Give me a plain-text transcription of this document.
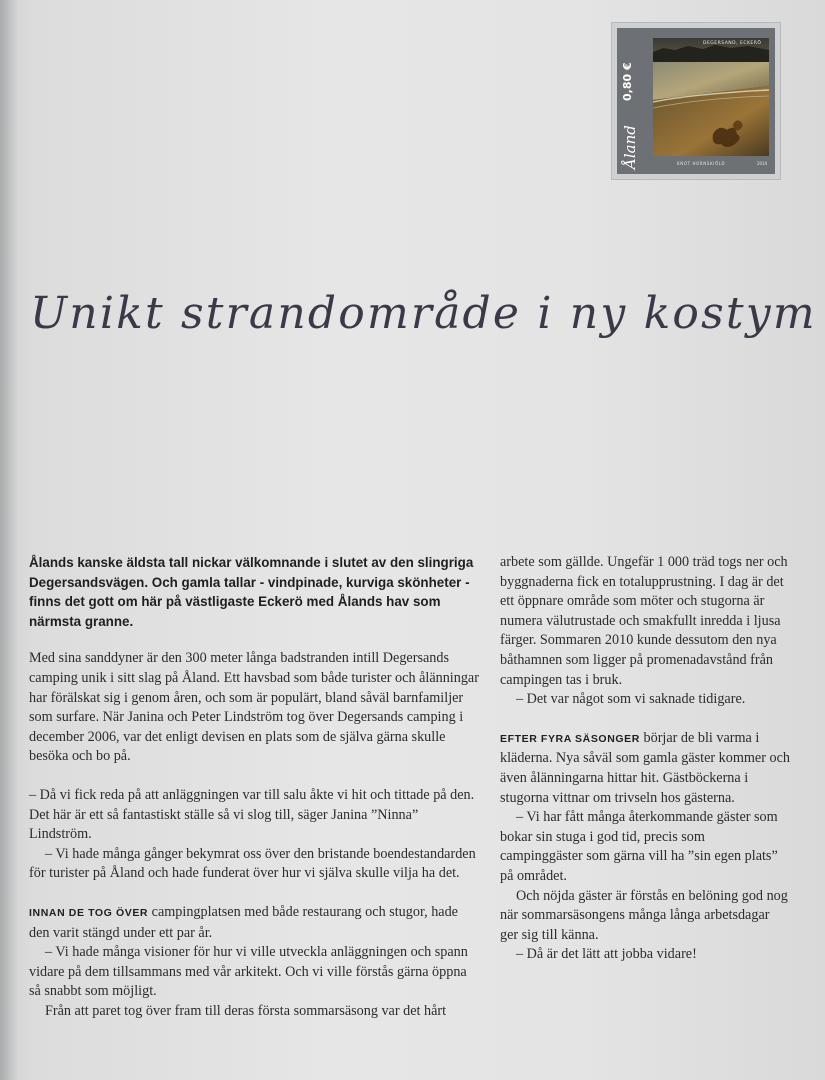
DEGERSAND, ECKERÖ
0,80 €
Åland	KNOT HORNSKIÖLD	2010
Unikt strandområde i ny kostym

Ålands kanske äldsta tall nickar välkomnande i slutet av den slingriga Degersandsvägen. Och gamla tallar - vindpinade, kurviga skönheter - finns det gott om här på västligaste Eckerö med Ålands hav som närmsta granne.

Med sina sanddyner är den 300 meter långa badstranden intill Degersands camping unik i sitt slag på Åland. Ett havsbad som både turister och ålänningar har förälskat sig i genom åren, och som är populärt, bland såväl barnfamiljer som surfare. När Janina och Peter Lindström tog över Degersands camping i december 2006, var det enligt devisen en plats som de själva gärna skulle besöka och bo på.

– Då vi fick reda på att anläggningen var till salu åkte vi hit och tittade på den. Det här är ett så fantastiskt ställe så vi slog till, säger Janina ”Ninna” Lindström.

– Vi hade många gånger bekymrat oss över den bristande boendestandarden för turister på Åland och hade funderat över hur vi själva skulle vilja ha det.

INNAN DE TOG ÖVER campingplatsen med både restaurang och stugor, hade den varit stängd under ett par år.

– Vi hade många visioner för hur vi ville utveckla anläggningen och spann vidare på dem tillsammans med vår arkitekt. Och vi ville förstås gärna öppna så snabbt som möjligt.

Från att paret tog över fram till deras första sommarsäsong var det hårt

arbete som gällde. Ungefär 1 000 träd togs ner och byggnaderna fick en totalupprustning. I dag är det ett öppnare område som möter och stugorna är numera välutrustade och smakfullt inredda i ljusa färger. Sommaren 2010 kunde dessutom den nya båthamnen som ligger på promenadavstånd från campingen tas i bruk.

– Det var något som vi saknade tidigare.

EFTER FYRA SÄSONGER börjar de bli varma i kläderna. Nya såväl som gamla gäster kommer och även ålänningarna hittar hit. Gästböckerna i stugorna vittnar om trivseln hos gästerna.

– Vi har fått många återkommande gäster som bokar sin stuga i god tid, precis som campinggäster som gärna vill ha ”sin egen plats” på området.

Och nöjda gäster är förstås en belöning god nog när sommarsäsongens många långa arbetsdagar ger sig till känna.

– Då är det lätt att jobba vidare!
